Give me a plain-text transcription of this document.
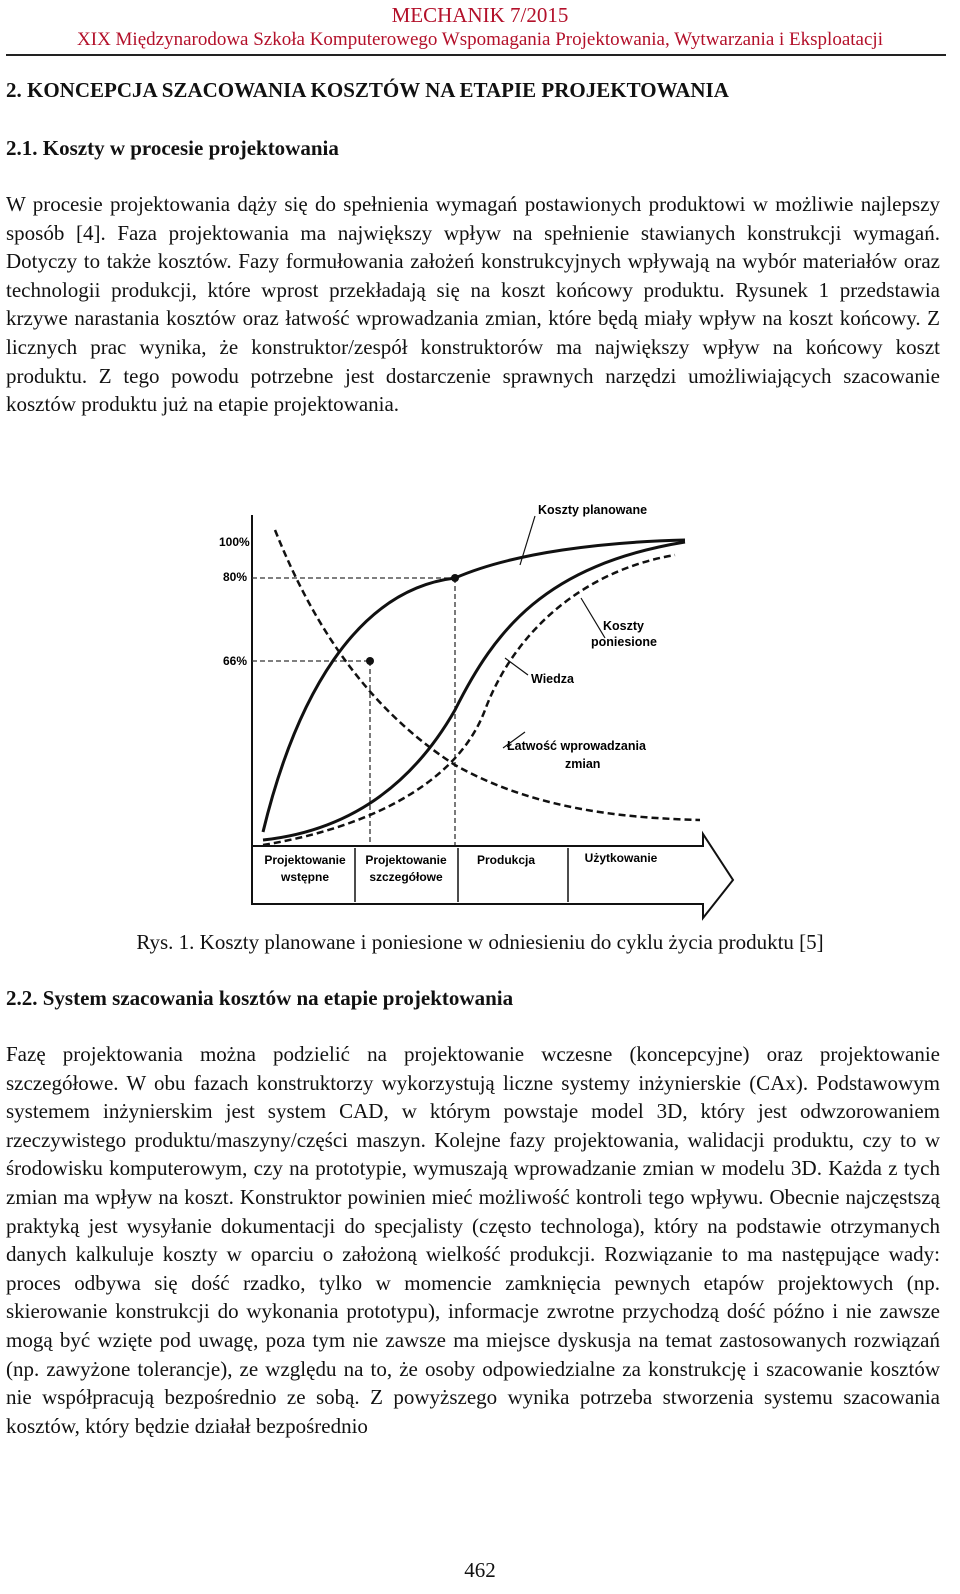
MECHANIK 7/2015
XIX Międzynarodowa Szkoła Komputerowego Wspomagania Projektowania, Wytwarzania i Eksploatacji
2. KONCEPCJA SZACOWANIA KOSZTÓW NA ETAPIE PROJEKTOWANIA
2.1. Koszty w procesie projektowania
W procesie projektowania dąży się do spełnienia wymagań postawionych produktowi w możliwie najlepszy sposób [4]. Faza projektowania ma największy wpływ na spełnienie stawianych konstrukcji wymagań. Dotyczy to także kosztów. Fazy formułowania założeń konstrukcyjnych wpływają na wybór materiałów oraz technologii produkcji, które wprost przekładają się na koszt końcowy produktu. Rysunek 1 przedstawia krzywe narastania kosztów oraz łatwość wprowadzania zmian, które będą miały wpływ na koszt końcowy. Z licznych prac wynika, że konstruktor/zespół konstruktorów ma największy wpływ na końcowy koszt produktu. Z tego powodu potrzebne jest dostarczenie sprawnych narzędzi umożliwiających szacowanie kosztów produktu już na etapie projektowania.
100%
80%
66%
Koszty planowane
Koszty
poniesione
Wiedza
Łatwość wprowadzania
zmian
Projektowanie
wstępne
Projektowanie
szczegółowe
Produkcja	Użytkowanie
Rys. 1. Koszty planowane i poniesione w odniesieniu do cyklu życia produktu [5]
2.2. System szacowania kosztów na etapie projektowania
Fazę projektowania można podzielić na projektowanie wczesne (koncepcyjne) oraz projektowanie szczegółowe. W obu fazach konstruktorzy wykorzystują liczne systemy inżynierskie (CAx). Podstawowym systemem inżynierskim jest system CAD, w którym powstaje model 3D, który jest odwzorowaniem rzeczywistego produktu/maszyny/części maszyn. Kolejne fazy projektowania, walidacji produktu, czy to w środowisku komputerowym, czy na prototypie, wymuszają wprowadzanie zmian w modelu 3D. Każda z tych zmian ma wpływ na koszt. Konstruktor powinien mieć możliwość kontroli tego wpływu. Obecnie najczęstszą praktyką jest wysyłanie dokumentacji do specjalisty (często technologa), który na podstawie otrzymanych danych kalkuluje koszty w oparciu o założoną wielkość produkcji. Rozwiązanie to ma następujące wady: proces odbywa się dość rzadko, tylko w momencie zamknięcia pewnych etapów projektowych (np. skierowanie konstrukcji do wykonania prototypu), informacje zwrotne przychodzą dość późno i nie zawsze mogą być wzięte pod uwagę, poza tym nie zawsze ma miejsce dyskusja na temat zastosowanych rozwiązań (np. zawyżone tolerancje), ze względu na to, że osoby odpowiedzialne za konstrukcję i szacowanie kosztów nie współpracują bezpośrednio ze sobą. Z powyższego wynika potrzeba stworzenia systemu szacowania kosztów, który będzie działał bezpośrednio
462
